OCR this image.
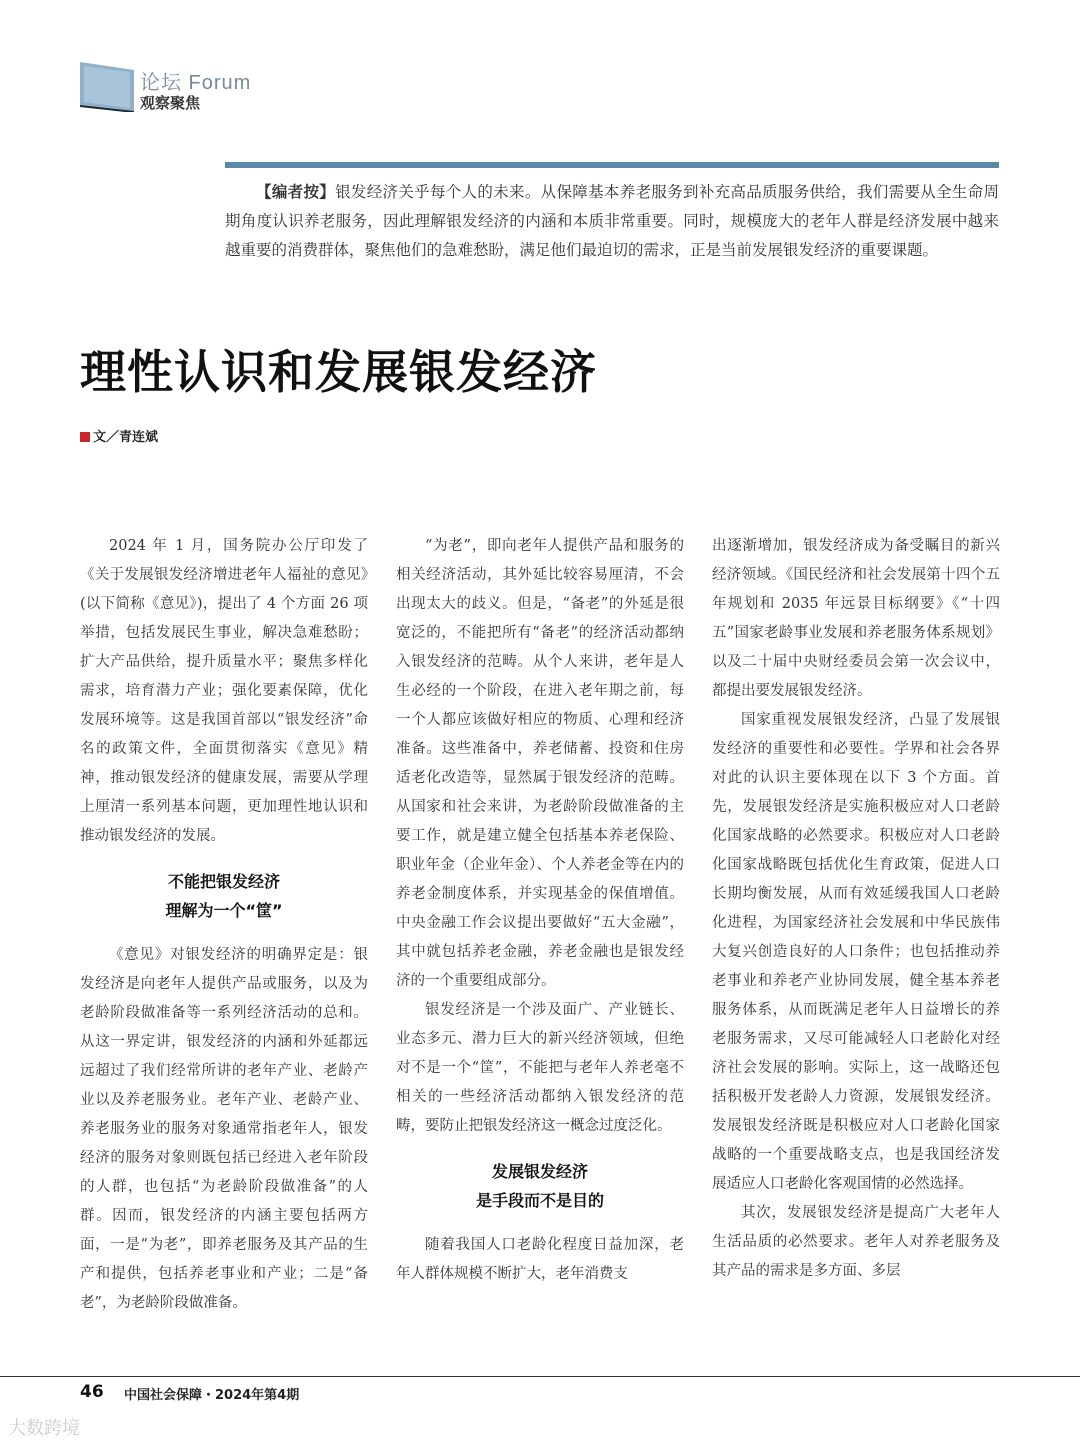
论坛 Forum
观察聚焦
【编者按】银发经济关乎每个人的未来。从保障基本养老服务到补充高品质服务供给，我们需要从全生命周期角度认识养老服务，因此理解银发经济的内涵和本质非常重要。同时，规模庞大的老年人群是经济发展中越来越重要的消费群体，聚焦他们的急难愁盼，满足他们最迫切的需求，正是当前发展银发经济的重要课题。
理性认识和发展银发经济
文／青连斌

2024 年 1 月，国务院办公厅印发了《关于发展银发经济增进老年人福祉的意见》(以下简称《意见》)，提出了 4 个方面 26 项举措，包括发展民生事业，解决急难愁盼；扩大产品供给，提升质量水平；聚焦多样化需求，培育潜力产业；强化要素保障，优化发展环境等。这是我国首部以“银发经济”命名的政策文件，全面贯彻落实《意见》精神，推动银发经济的健康发展，需要从学理上厘清一系列基本问题，更加理性地认识和推动银发经济的发展。

不能把银发经济
理解为一个“筐”

《意见》对银发经济的明确界定是：银发经济是向老年人提供产品或服务，以及为老龄阶段做准备等一系列经济活动的总和。从这一界定讲，银发经济的内涵和外延都远远超过了我们经常所讲的老年产业、老龄产业以及养老服务业。老年产业、老龄产业、养老服务业的服务对象通常指老年人，银发经济的服务对象则既包括已经进入老年阶段的人群，也包括“为老龄阶段做准备”的人群。因而，银发经济的内涵主要包括两方面，一是“为老”，即养老服务及其产品的生产和提供，包括养老事业和产业；二是“备老”，为老龄阶段做准备。

“为老”，即向老年人提供产品和服务的相关经济活动，其外延比较容易厘清，不会出现太大的歧义。但是，“备老”的外延是很宽泛的，不能把所有“备老”的经济活动都纳入银发经济的范畴。从个人来讲，老年是人生必经的一个阶段，在进入老年期之前，每一个人都应该做好相应的物质、心理和经济准备。这些准备中，养老储蓄、投资和住房适老化改造等，显然属于银发经济的范畴。从国家和社会来讲，为老龄阶段做准备的主要工作，就是建立健全包括基本养老保险、职业年金（企业年金）、个人养老金等在内的养老金制度体系，并实现基金的保值增值。中央金融工作会议提出要做好“五大金融”，其中就包括养老金融，养老金融也是银发经济的一个重要组成部分。

银发经济是一个涉及面广、产业链长、业态多元、潜力巨大的新兴经济领域，但绝对不是一个“筐”，不能把与老年人养老毫不相关的一些经济活动都纳入银发经济的范畴，要防止把银发经济这一概念过度泛化。

发展银发经济
是手段而不是目的

随着我国人口老龄化程度日益加深，老年人群体规模不断扩大，老年消费支

出逐渐增加，银发经济成为备受瞩目的新兴经济领域。《国民经济和社会发展第十四个五年规划和 2035 年远景目标纲要》《“十四五”国家老龄事业发展和养老服务体系规划》以及二十届中央财经委员会第一次会议中，都提出要发展银发经济。

国家重视发展银发经济，凸显了发展银发经济的重要性和必要性。学界和社会各界对此的认识主要体现在以下 3 个方面。首先，发展银发经济是实施积极应对人口老龄化国家战略的必然要求。积极应对人口老龄化国家战略既包括优化生育政策，促进人口长期均衡发展，从而有效延缓我国人口老龄化进程，为国家经济社会发展和中华民族伟大复兴创造良好的人口条件；也包括推动养老事业和养老产业协同发展，健全基本养老服务体系，从而既满足老年人日益增长的养老服务需求，又尽可能减轻人口老龄化对经济社会发展的影响。实际上，这一战略还包括积极开发老龄人力资源，发展银发经济。发展银发经济既是积极应对人口老龄化国家战略的一个重要战略支点，也是我国经济发展适应人口老龄化客观国情的必然选择。

其次，发展银发经济是提高广大老年人生活品质的必然要求。老年人对养老服务及其产品的需求是多方面、多层

46 中国社会保障・2024年第4期
大数跨境
